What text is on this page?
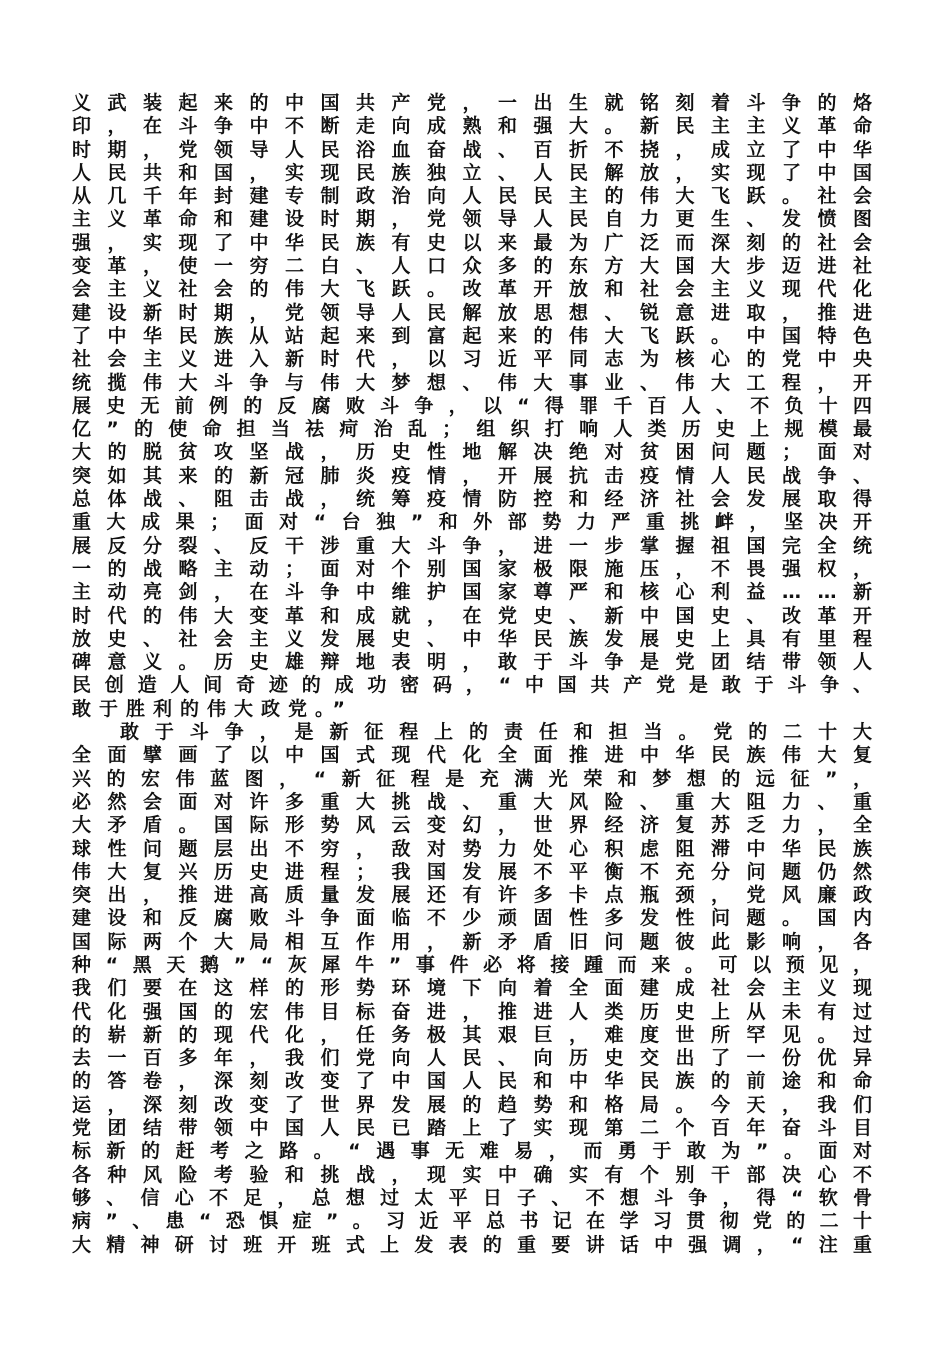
义武装起来的中国共产党，一出生就铭刻着斗争的烙
印，在斗争中不断走向成熟和强大。新民主主义革命
时期，党领导人民浴血奋战、百折不挠，成立了中华
人民共和国，实现民族独立、人民解放，实现了中国
从几千年封建专制政治向人民民主的伟大飞跃。社会
主义革命和建设时期，党领导人民自力更生、发愤图
强，实现了中华民族有史以来最为广泛而深刻的社会
变革，使一穷二白、人口众多的东方大国大步迈进社
会主义社会的伟大飞跃。改革开放和社会主义现代化
建设新时期，党领导人民解放思想、锐意进取，推进
了中华民族从站起来到富起来的伟大飞跃。中国特色
社会主义进入新时代，以习近平同志为核心的党中央
统揽伟大斗争与伟大梦想、伟大事业、伟大工程，开
展史无前例的反腐败斗争，以“得罪千百人、不负十四
亿”的使命担当祛疴治乱；组织打响人类历史上规模最
大的脱贫攻坚战，历史性地解决绝对贫困问题；面对
突如其来的新冠肺炎疫情，开展抗击疫情人民战争、
总体战、阻击战，统筹疫情防控和经济社会发展取得
重大成果；面对“台独”和外部势力严重挑衅，坚决开
展反分裂、反干涉重大斗争，进一步掌握祖国完全统
一的战略主动；面对个别国家极限施压，不畏强权，
主动亮剑，在斗争中维护国家尊严和核心利益……新
时代的伟大变革和成就，在党史、新中国史、改革开
放史、社会主义发展史、中华民族发展史上具有里程
碑意义。历史雄辩地表明，敢于斗争是党团结带领人
民创造人间奇迹的成功密码，“中国共产党是敢于斗争、
敢于胜利的伟大政党。”
敢于斗争，是新征程上的责任和担当。党的二十大
全面擘画了以中国式现代化全面推进中华民族伟大复
兴的宏伟蓝图，“新征程是充满光荣和梦想的远征”，
必然会面对许多重大挑战、重大风险、重大阻力、重
大矛盾。国际形势风云变幻，世界经济复苏乏力，全
球性问题层出不穷，敌对势力处心积虑阻滞中华民族
伟大复兴历史进程；我国发展不平衡不充分问题仍然
突出，推进高质量发展还有许多卡点瓶颈，党风廉政
建设和反腐败斗争面临不少顽固性多发性问题。国内
国际两个大局相互作用，新矛盾旧问题彼此影响，各
种“黑天鹅”“灰犀牛”事件必将接踵而来。可以预见，
我们要在这样的形势环境下向着全面建成社会主义现
代化强国的宏伟目标奋进，推进人类历史上从未有过
的崭新的现代化，任务极其艰巨，难度世所罕见。过
去一百多年，我们党向人民、向历史交出了一份优异
的答卷，深刻改变了中国人民和中华民族的前途和命
运，深刻改变了世界发展的趋势和格局。今天，我们
党团结带领中国人民已踏上了实现第二个百年奋斗目
标新的赶考之路。“遇事无难易，而勇于敢为”。面对
各种风险考验和挑战，现实中确实有个别干部决心不
够、信心不足，总想过太平日子、不想斗争，得“软骨
病”、患“恐惧症”。习近平总书记在学习贯彻党的二十
大精神研讨班开班式上发表的重要讲话中强调，“注重
